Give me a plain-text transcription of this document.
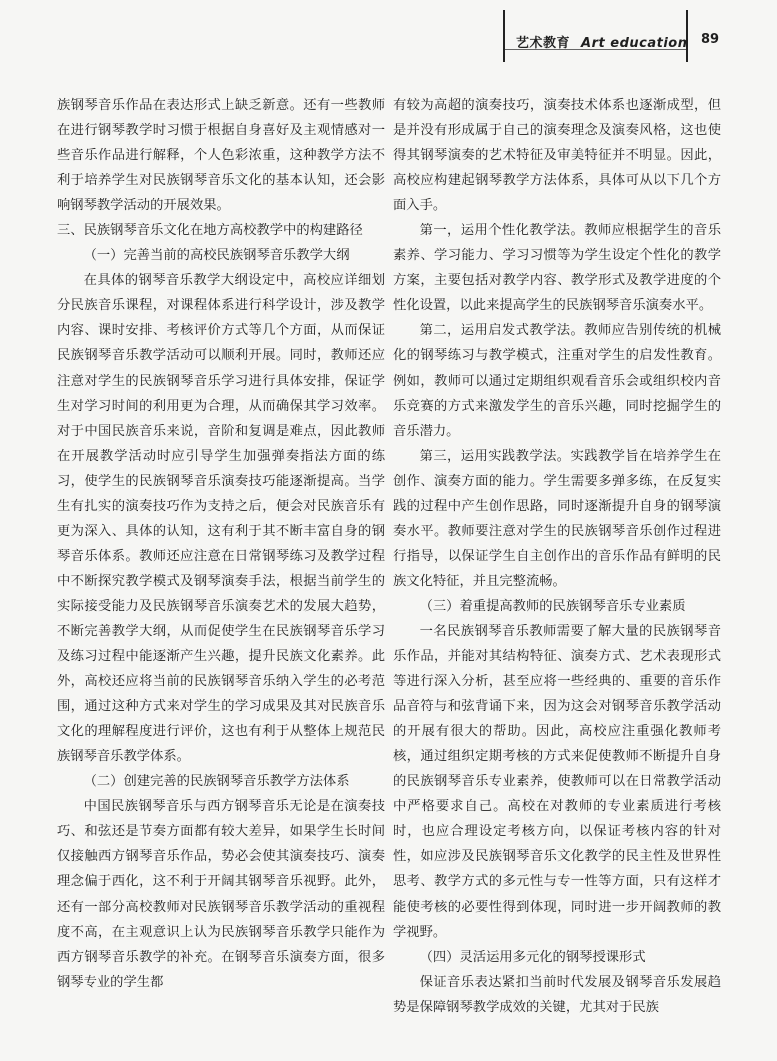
艺术教育 Art education 89

族钢琴音乐作品在表达形式上缺乏新意。还有一些教师在进行钢琴教学时习惯于根据自身喜好及主观情感对一些音乐作品进行解释，个人色彩浓重，这种教学方法不利于培养学生对民族钢琴音乐文化的基本认知，还会影响钢琴教学活动的开展效果。

三、民族钢琴音乐文化在地方高校教学中的构建路径

（一）完善当前的高校民族钢琴音乐教学大纲

在具体的钢琴音乐教学大纲设定中，高校应详细划分民族音乐课程，对课程体系进行科学设计，涉及教学内容、课时安排、考核评价方式等几个方面，从而保证民族钢琴音乐教学活动可以顺利开展。同时，教师还应注意对学生的民族钢琴音乐学习进行具体安排，保证学生对学习时间的利用更为合理，从而确保其学习效率。对于中国民族音乐来说，音阶和复调是难点，因此教师在开展教学活动时应引导学生加强弹奏指法方面的练习，使学生的民族钢琴音乐演奏技巧能逐渐提高。当学生有扎实的演奏技巧作为支持之后，便会对民族音乐有更为深入、具体的认知，这有利于其不断丰富自身的钢琴音乐体系。教师还应注意在日常钢琴练习及教学过程中不断探究教学模式及钢琴演奏手法，根据当前学生的实际接受能力及民族钢琴音乐演奏艺术的发展大趋势，不断完善教学大纲，从而促使学生在民族钢琴音乐学习及练习过程中能逐渐产生兴趣，提升民族文化素养。此外，高校还应将当前的民族钢琴音乐纳入学生的必考范围，通过这种方式来对学生的学习成果及其对民族音乐文化的理解程度进行评价，这也有利于从整体上规范民族钢琴音乐教学体系。

（二）创建完善的民族钢琴音乐教学方法体系

中国民族钢琴音乐与西方钢琴音乐无论是在演奏技巧、和弦还是节奏方面都有较大差异，如果学生长时间仅接触西方钢琴音乐作品，势必会使其演奏技巧、演奏理念偏于西化，这不利于开阔其钢琴音乐视野。此外，还有一部分高校教师对民族钢琴音乐教学活动的重视程度不高，在主观意识上认为民族钢琴音乐教学只能作为西方钢琴音乐教学的补充。在钢琴音乐演奏方面，很多钢琴专业的学生都

有较为高超的演奏技巧，演奏技术体系也逐渐成型，但是并没有形成属于自己的演奏理念及演奏风格，这也使得其钢琴演奏的艺术特征及审美特征并不明显。因此，高校应构建起钢琴教学方法体系，具体可从以下几个方面入手。

第一，运用个性化教学法。教师应根据学生的音乐素养、学习能力、学习习惯等为学生设定个性化的教学方案，主要包括对教学内容、教学形式及教学进度的个性化设置，以此来提高学生的民族钢琴音乐演奏水平。

第二，运用启发式教学法。教师应告别传统的机械化的钢琴练习与教学模式，注重对学生的启发性教育。例如，教师可以通过定期组织观看音乐会或组织校内音乐竞赛的方式来激发学生的音乐兴趣，同时挖掘学生的音乐潜力。

第三，运用实践教学法。实践教学旨在培养学生在创作、演奏方面的能力。学生需要多弹多练，在反复实践的过程中产生创作思路，同时逐渐提升自身的钢琴演奏水平。教师要注意对学生的民族钢琴音乐创作过程进行指导，以保证学生自主创作出的音乐作品有鲜明的民族文化特征，并且完整流畅。

（三）着重提高教师的民族钢琴音乐专业素质

一名民族钢琴音乐教师需要了解大量的民族钢琴音乐作品，并能对其结构特征、演奏方式、艺术表现形式等进行深入分析，甚至应将一些经典的、重要的音乐作品音符与和弦背诵下来，因为这会对钢琴音乐教学活动的开展有很大的帮助。因此，高校应注重强化教师考核，通过组织定期考核的方式来促使教师不断提升自身的民族钢琴音乐专业素养，使教师可以在日常教学活动中严格要求自己。高校在对教师的专业素质进行考核时，也应合理设定考核方向，以保证考核内容的针对性，如应涉及民族钢琴音乐文化教学的民主性及世界性思考、教学方式的多元性与专一性等方面，只有这样才能使考核的必要性得到体现，同时进一步开阔教师的教学视野。

（四）灵活运用多元化的钢琴授课形式

保证音乐表达紧扣当前时代发展及钢琴音乐发展趋势是保障钢琴教学成效的关键，尤其对于民族
